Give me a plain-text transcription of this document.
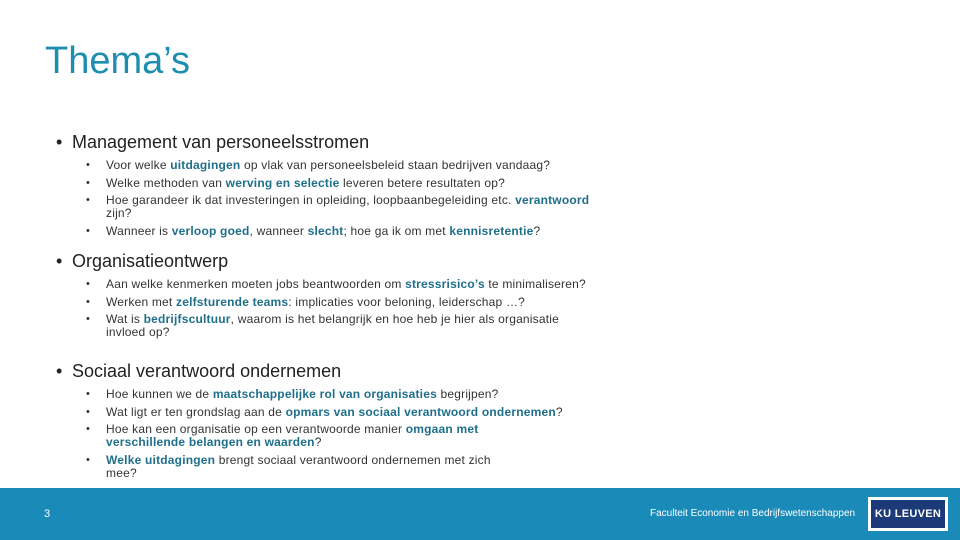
Thema’s
• Management van personeelsstromen
• Voor welke uitdagingen op vlak van personeelsbeleid staan bedrijven vandaag?
• Welke methoden van werving en selectie leveren betere resultaten op?
• Hoe garandeer ik dat investeringen in opleiding, loopbaanbegeleiding etc. verantwoord zijn?
• Wanneer is verloop goed, wanneer slecht; hoe ga ik om met kennisretentie?
• Organisatieontwerp
• Aan welke kenmerken moeten jobs beantwoorden om stressrisico’s te minimaliseren?
• Werken met zelfsturende teams: implicaties voor beloning, leiderschap …?
• Wat is bedrijfscultuur, waarom is het belangrijk en hoe heb je hier als organisatie invloed op?
• Sociaal verantwoord ondernemen
• Hoe kunnen we de maatschappelijke rol van organisaties begrijpen?
• Wat ligt er ten grondslag aan de opmars van sociaal verantwoord ondernemen?
• Hoe kan een organisatie op een verantwoorde manier omgaan met verschillende belangen en waarden?
• Welke uitdagingen brengt sociaal verantwoord ondernemen met zich mee?
3	Faculteit Economie en Bedrijfswetenschappen	KU LEUVEN
